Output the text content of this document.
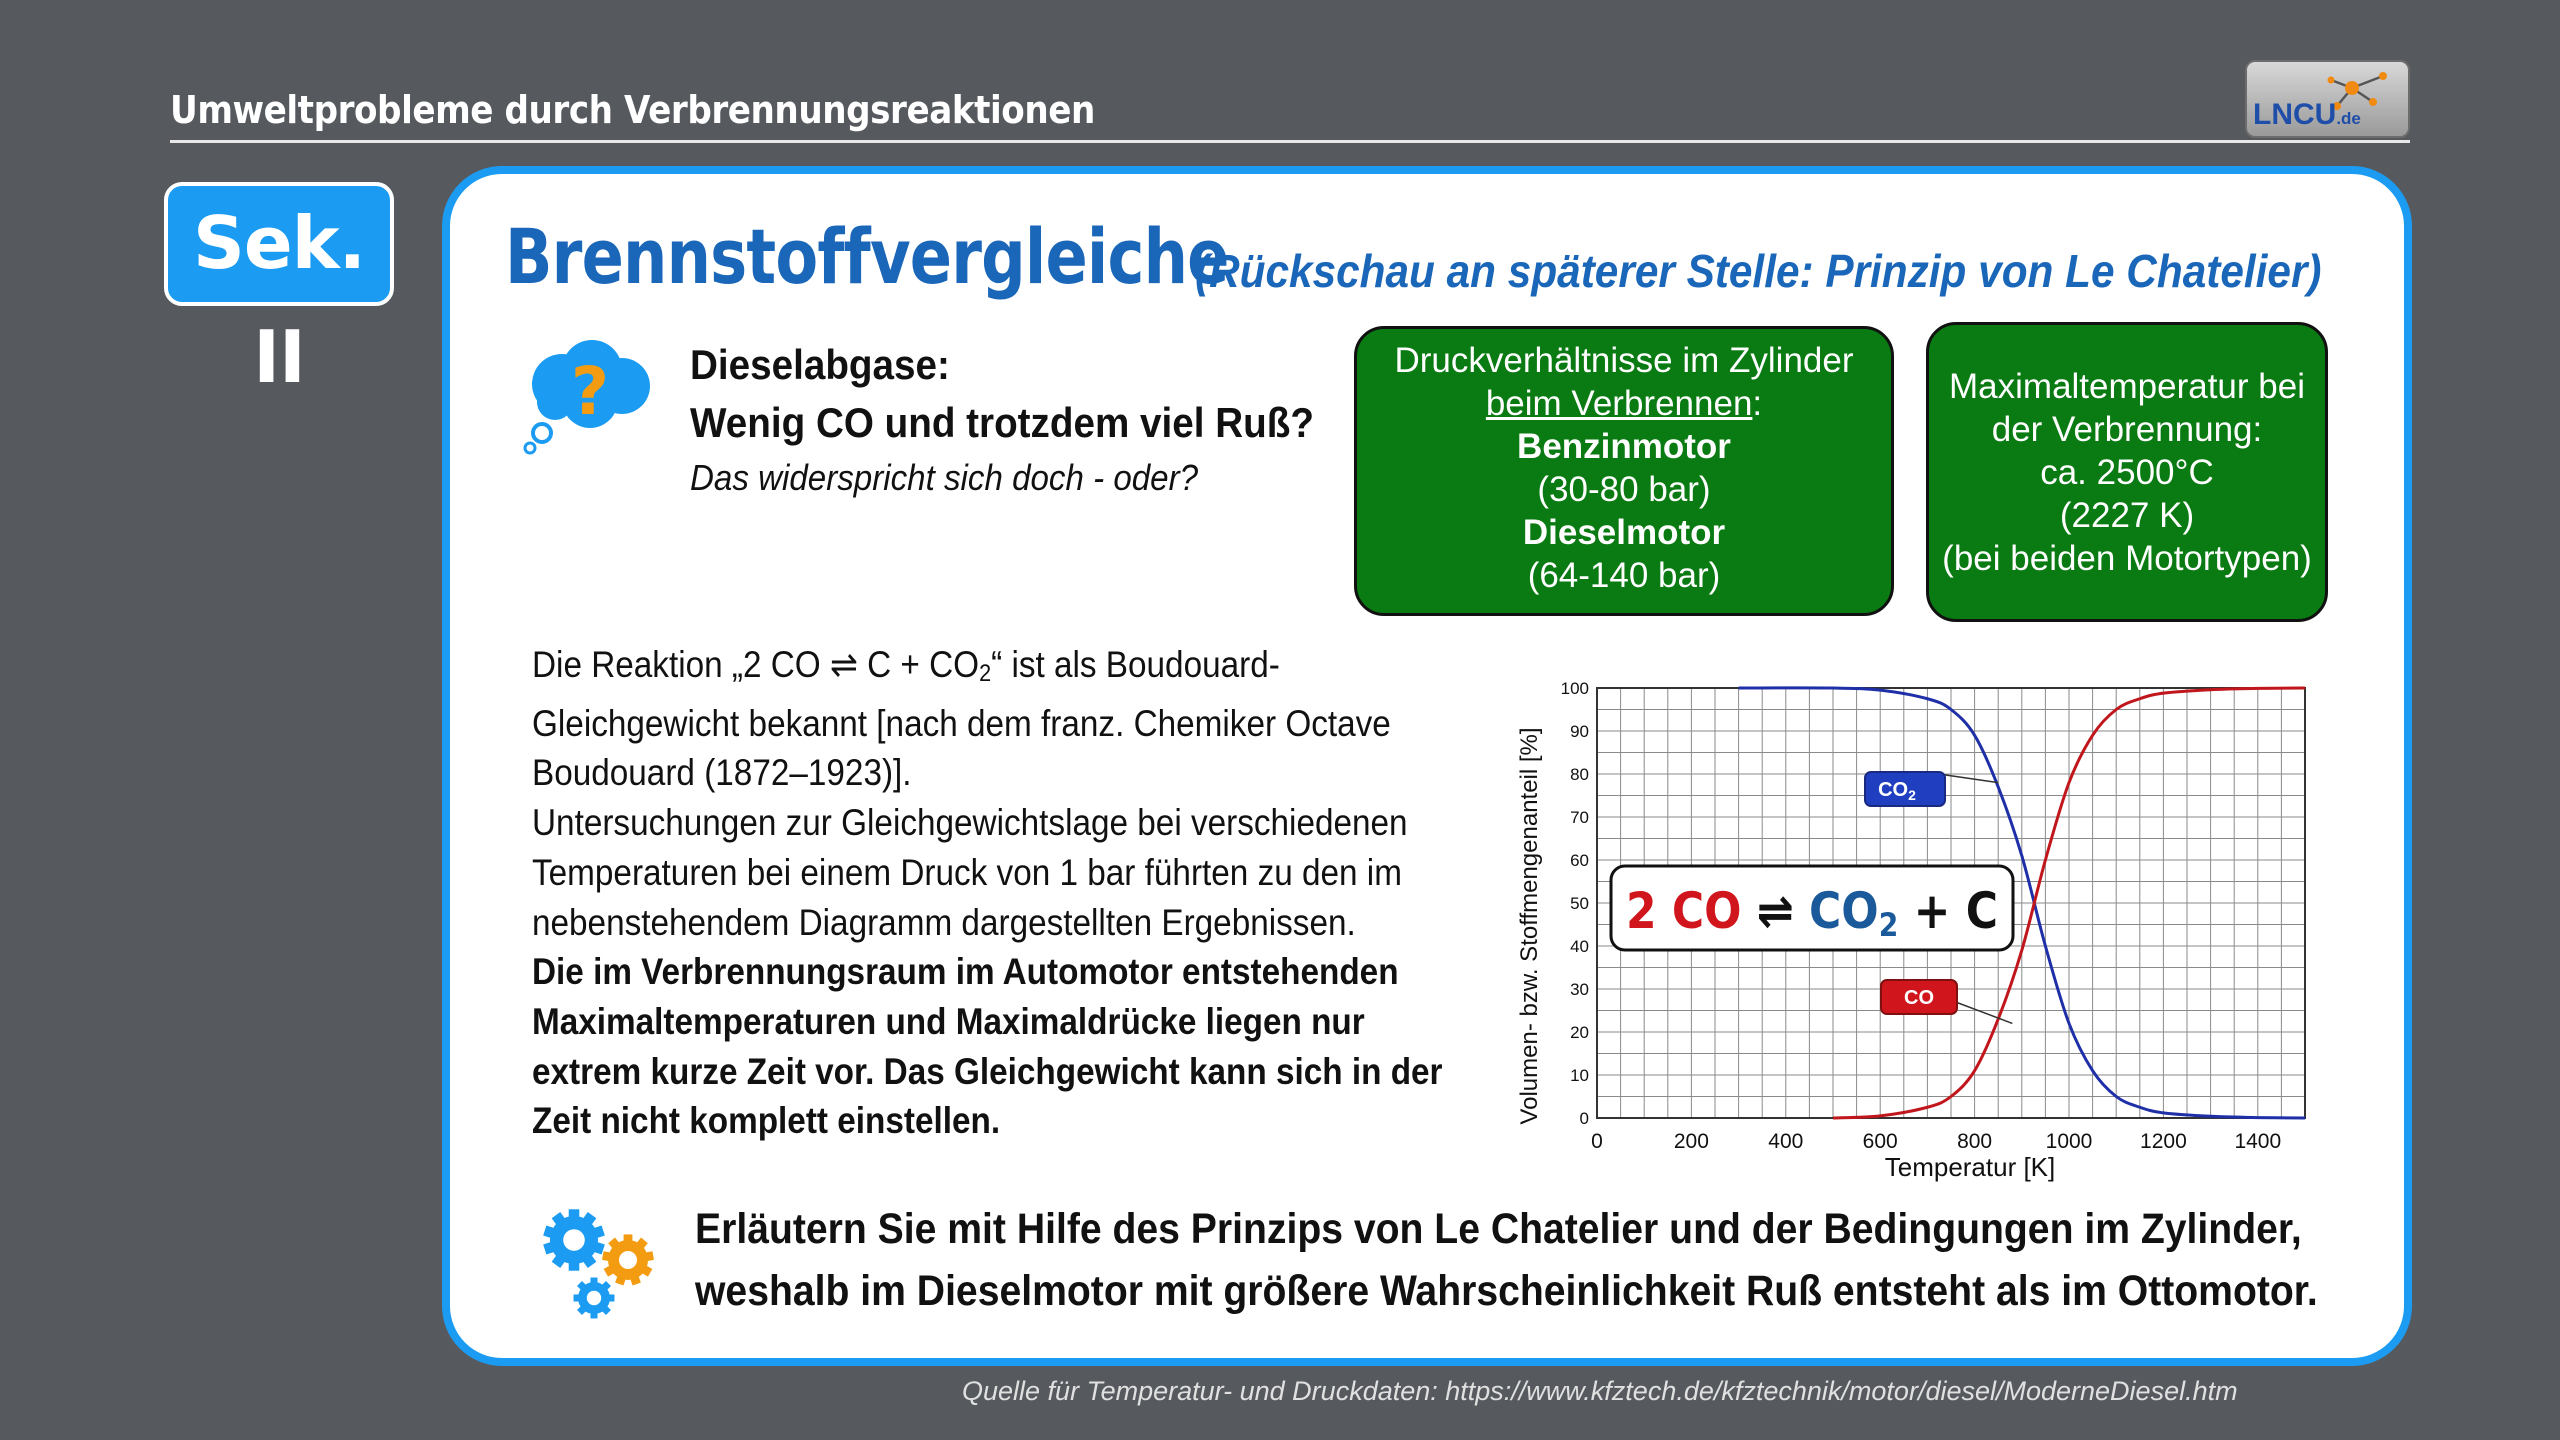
Umweltprobleme durch Verbrennungsreaktionen	LNCU.de
Sek. II
Brennstoffvergleiche
(Rückschau an späterer Stelle: Prinzip von Le Chatelier)
? Dieselabgase:
Wenig CO und trotzdem viel Ruß?
Das widerspricht sich doch - oder?
Druckverhältnisse im Zylinder
beim Verbrennen:
Benzinmotor
(30-80 bar)
Dieselmotor
(64-140 bar)
Maximaltemperatur bei
der Verbrennung:
ca. 2500°C
(2227 K)
(bei beiden Motortypen)

Die Reaktion „2 CO ⇌ $C + CO_2“$ ist als Boudouard-

Gleichgewicht bekannt [nach dem franz. Chemiker Octave

Boudouard (1872–1923)].

Untersuchungen zur Gleichgewichtslage bei verschiedenen

Temperaturen bei einem Druck von 1 bar führten zu den im

nebenstehendem Diagramm dargestellten Ergebnissen.

Die im Verbrennungsraum im Automotor entstehenden

Maximaltemperaturen und Maximaldrücke liegen nur

extrem kurze Zeit vor. Das Gleichgewicht kann sich in der

Zeit nicht komplett einstellen.

0	200	400	600	800	1000 1200 1400
0
10
20
30
40
50
60
70
80
90
100
Temperatur [K]
Volumen- bzw. Stoffmengenanteil [%]	$CO_2$
CO
2 CO ⇌ CO2 + C

Erläutern Sie mit Hilfe des Prinzips von Le Chatelier und der Bedingungen im Zylinder,

weshalb im Dieselmotor mit größere Wahrscheinlichkeit Ruß entsteht als im Ottomotor.

Quelle für Temperatur- und Druckdaten: https://www.kfztech.de/kfztechnik/motor/diesel/ModerneDiesel.htm
